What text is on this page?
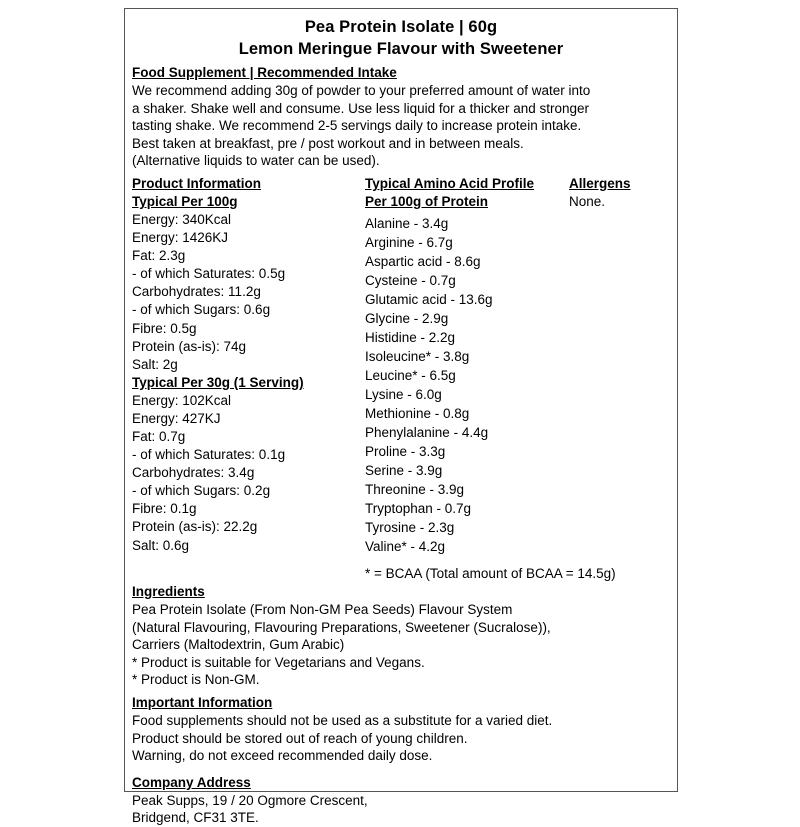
Pea Protein Isolate | 60g
Lemon Meringue Flavour with Sweetener
Food Supplement | Recommended Intake
We recommend adding 30g of powder to your preferred amount of water into
a shaker. Shake well and consume. Use less liquid for a thicker and stronger
tasting shake. We recommend 2-5 servings daily to increase protein intake.
Best taken at breakfast, pre / post workout and in between meals.
(Alternative liquids to water can be used).
Product Information
Typical Per 100g
Energy: 340Kcal
Energy: 1426KJ
Fat: 2.3g
- of which Saturates: 0.5g
Carbohydrates: 11.2g
- of which Sugars: 0.6g
Fibre: 0.5g
Protein (as-is): 74g
Salt: 2g
Typical Per 30g (1 Serving)
Energy: 102Kcal
Energy: 427KJ
Fat: 0.7g
- of which Saturates: 0.1g
Carbohydrates: 3.4g
- of which Sugars: 0.2g
Fibre: 0.1g
Protein (as-is): 22.2g
Salt: 0.6g
Typical Amino Acid Profile
Per 100g of Protein
Alanine - 3.4g
Arginine - 6.7g
Aspartic acid - 8.6g
Cysteine - 0.7g
Glutamic acid - 13.6g
Glycine - 2.9g
Histidine - 2.2g
Isoleucine* - 3.8g
Leucine* - 6.5g
Lysine - 6.0g
Methionine - 0.8g
Phenylalanine - 4.4g
Proline - 3.3g
Serine - 3.9g
Threonine - 3.9g
Tryptophan - 0.7g
Tyrosine - 2.3g
Valine* - 4.2g
* = BCAA (Total amount of BCAA = 14.5g)
Allergens
None.
Ingredients
Pea Protein Isolate (From Non-GM Pea Seeds) Flavour System
(Natural Flavouring, Flavouring Preparations, Sweetener (Sucralose)),
Carriers (Maltodextrin, Gum Arabic)
* Product is suitable for Vegetarians and Vegans.
* Product is Non-GM.
Important Information
Food supplements should not be used as a substitute for a varied diet.
Product should be stored out of reach of young children.
Warning, do not exceed recommended daily dose.
Company Address
Peak Supps, 19 / 20 Ogmore Crescent,
Bridgend, CF31 3TE.
